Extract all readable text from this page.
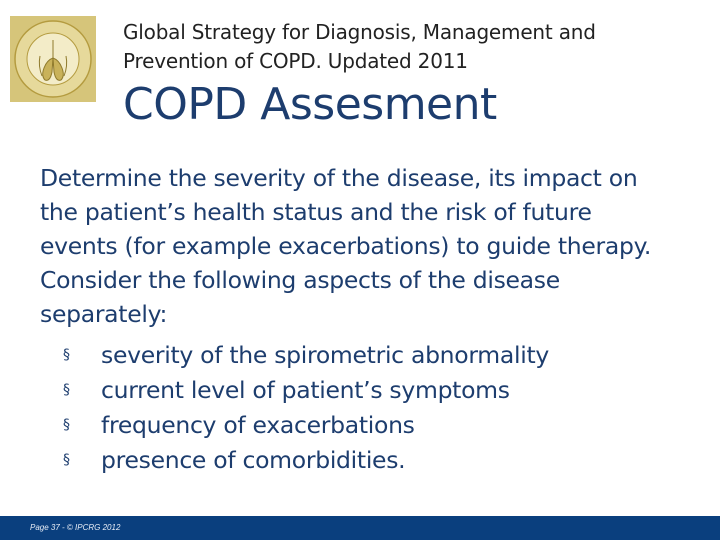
Global Strategy for Diagnosis, Management and
Prevention of COPD. Updated 2011
COPD Assesment
Determine the severity of the disease, its impact on
the patient’s health status and the risk of future
events (for example exacerbations) to guide therapy.
Consider the following aspects of the disease
separately:
§ severity of the spirometric abnormality
§ current level of patient’s symptoms
§ frequency of exacerbations
§ presence of comorbidities.
Page 37 - © IPCRG 2012
